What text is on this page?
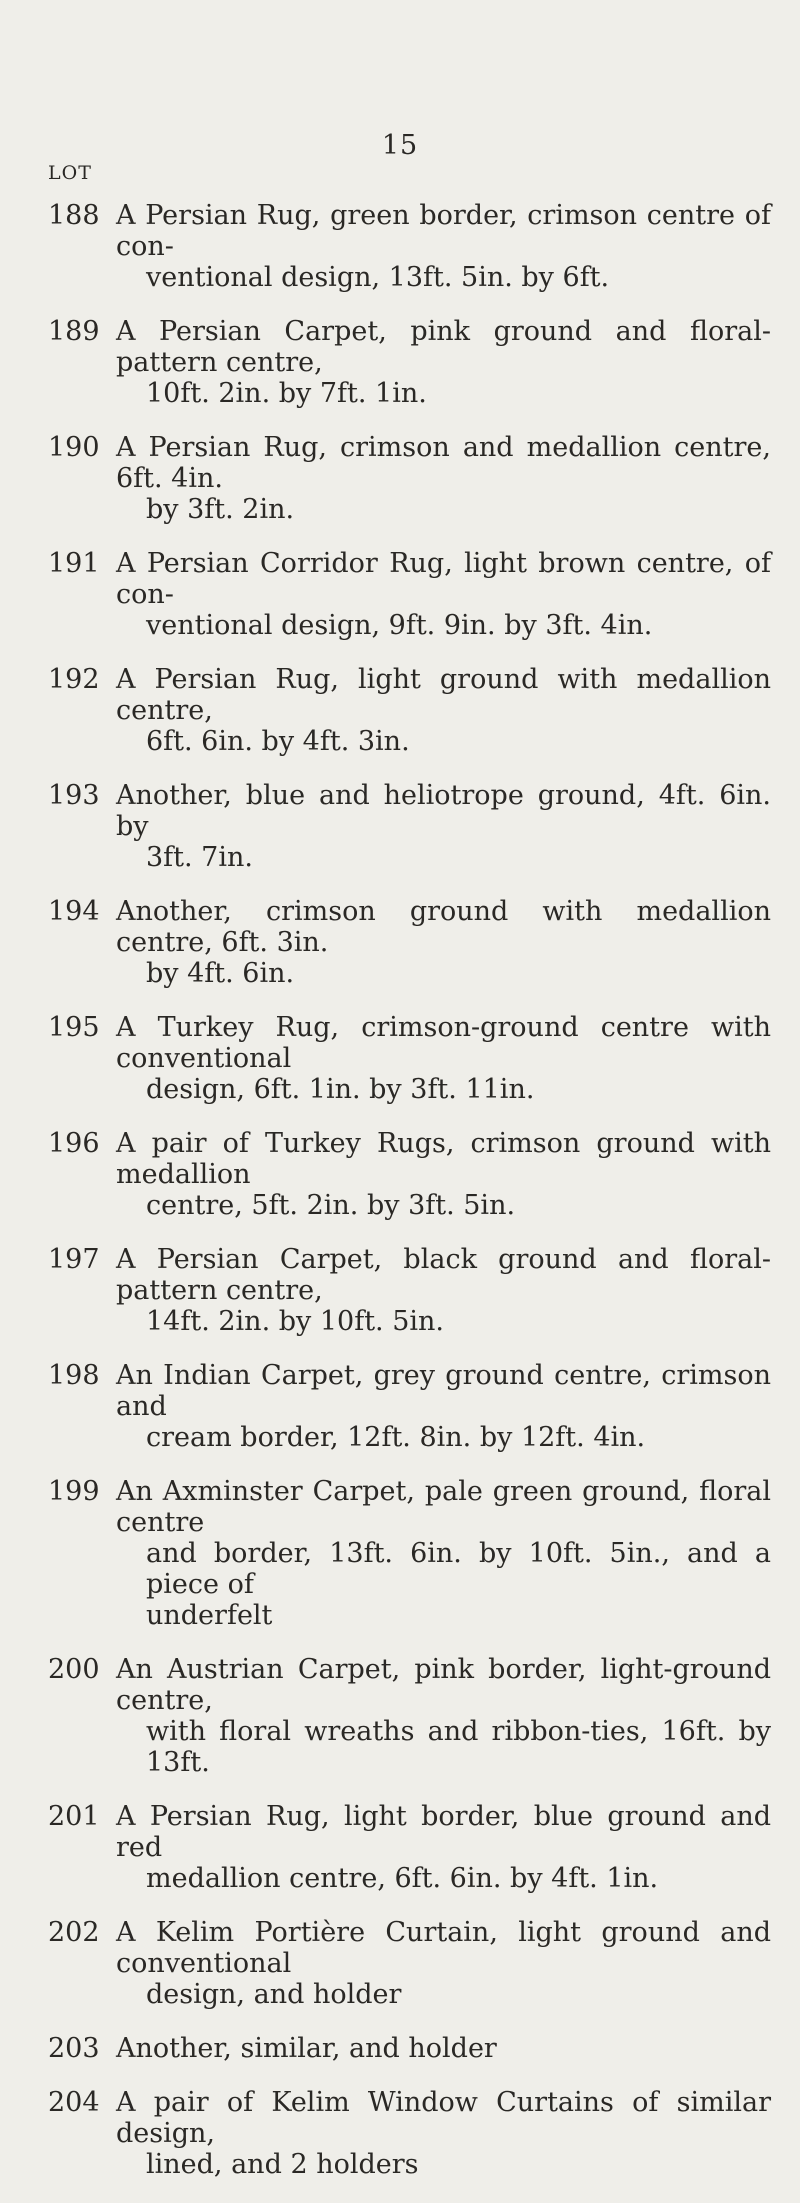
15
LOT
188 A Persian Rug, green border, crimson centre of con-
ventional design, 13ft. 5in. by 6ft.
189 A Persian Carpet, pink ground and floral-pattern centre,
10ft. 2in. by 7ft. 1in.
190 A Persian Rug, crimson and medallion centre, 6ft. 4in.
by 3ft. 2in.
191 A Persian Corridor Rug, light brown centre, of con-
ventional design, 9ft. 9in. by 3ft. 4in.
192 A Persian Rug, light ground with medallion centre,
6ft. 6in. by 4ft. 3in.
193 Another, blue and heliotrope ground, 4ft. 6in. by
3ft. 7in.
194 Another, crimson ground with medallion centre, 6ft. 3in.
by 4ft. 6in.
195 A Turkey Rug, crimson-ground centre with conventional
design, 6ft. 1in. by 3ft. 11in.
196 A pair of Turkey Rugs, crimson ground with medallion
centre, 5ft. 2in. by 3ft. 5in.
197 A Persian Carpet, black ground and floral-pattern centre,
14ft. 2in. by 10ft. 5in.
198 An Indian Carpet, grey ground centre, crimson and
cream border, 12ft. 8in. by 12ft. 4in.
199 An Axminster Carpet, pale green ground, floral centre
and border, 13ft. 6in. by 10ft. 5in., and a piece of
underfelt
200 An Austrian Carpet, pink border, light-ground centre,
with floral wreaths and ribbon-ties, 16ft. by 13ft.
201 A Persian Rug, light border, blue ground and red
medallion centre, 6ft. 6in. by 4ft. 1in.
202 A Kelim Portière Curtain, light ground and conventional
design, and holder
203 Another, similar, and holder
204 A pair of Kelim Window Curtains of similar design,
lined, and 2 holders
